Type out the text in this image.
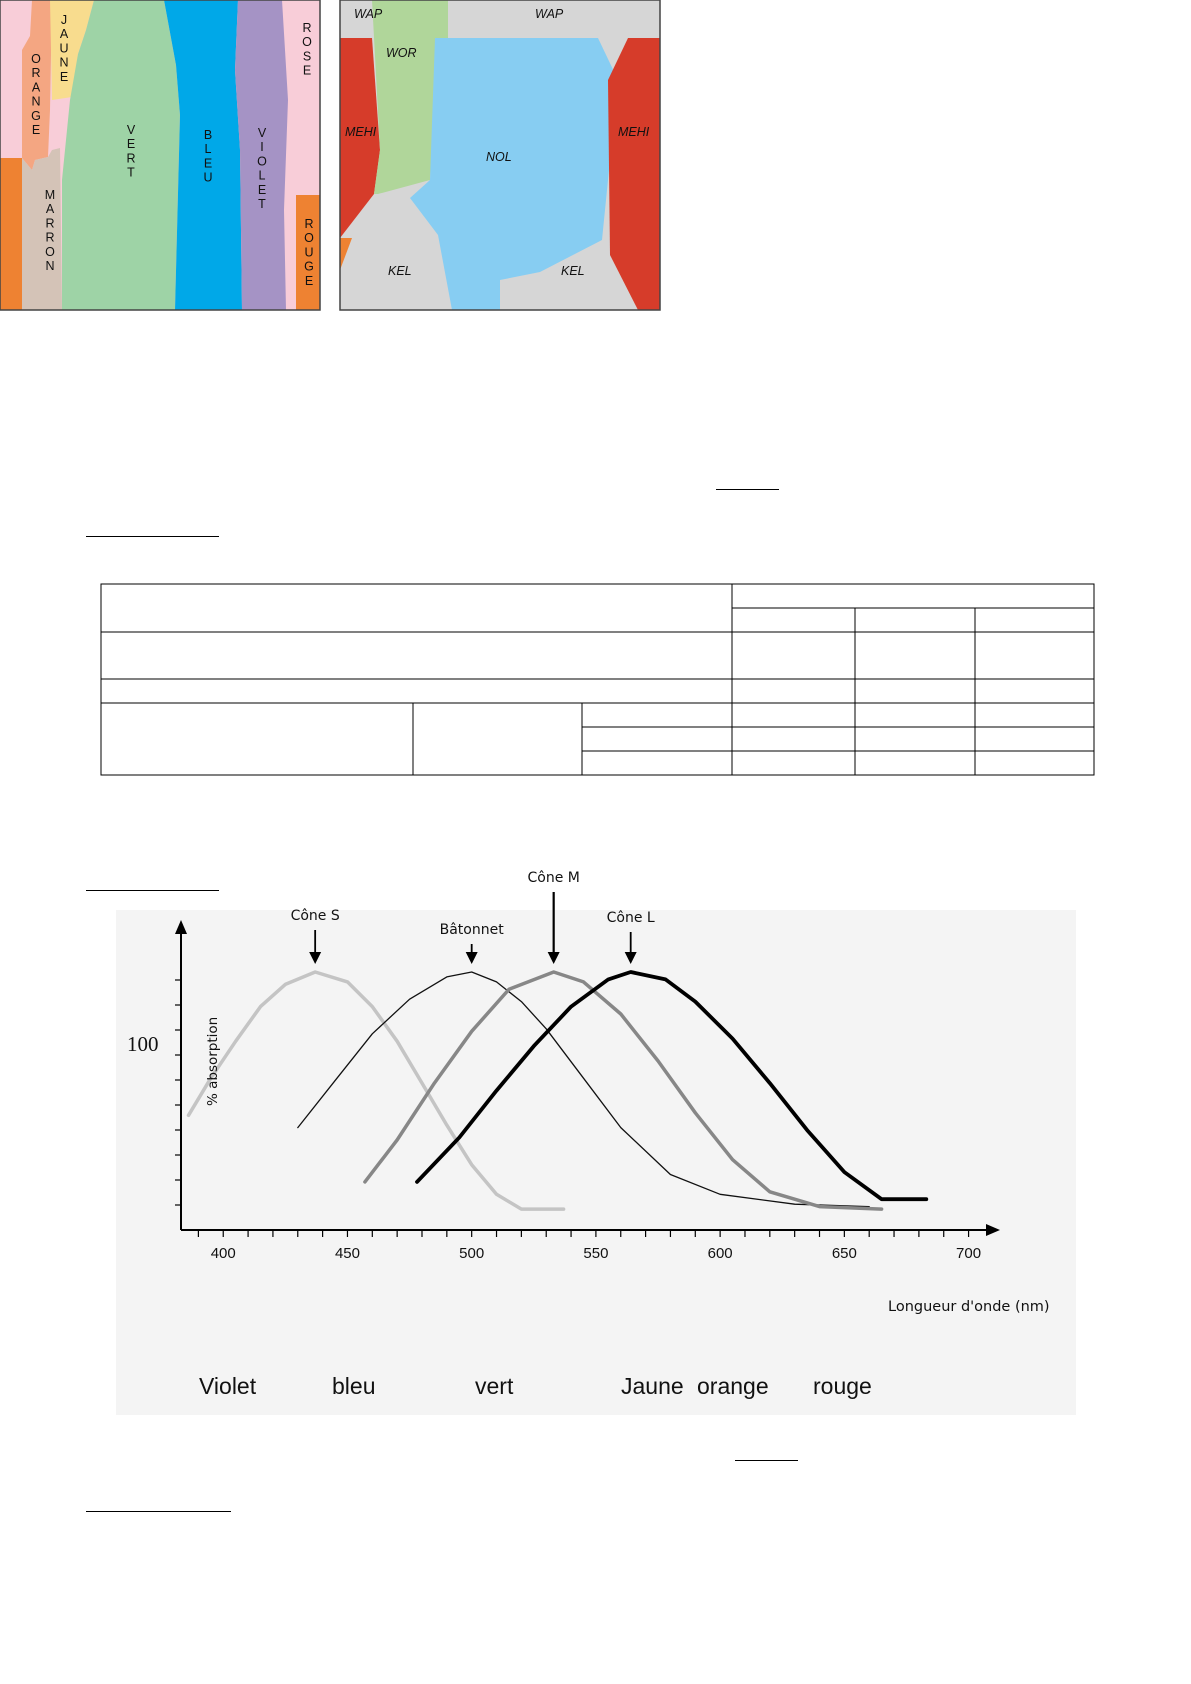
O R A N G E
J A U N E
M A R R O N
V E R T
B L E U
V I O L E T
R O S E
R O U G E
WAP	WAP
WOR
MEHI	MEHI
NOL
KEL	KEL
Cône S
Bâtonnet
Cône M
Cône L
400	450	500	550	600	650	700
100	% absorption
Longueur d'onde (nm)
Violet	bleu	vert	Jaune orange rouge
